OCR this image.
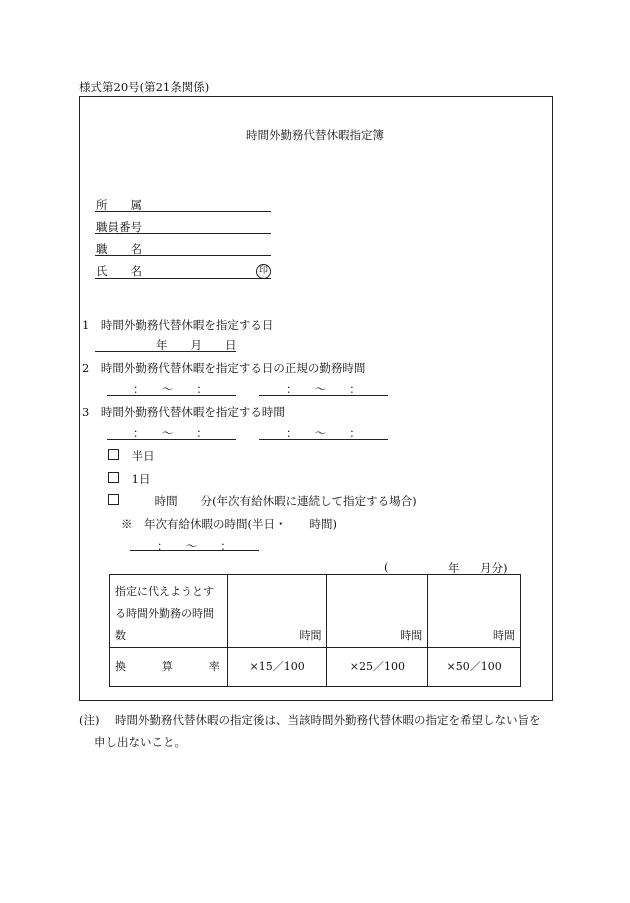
様式第20号(第21条関係)
時間外勤務代替休暇指定簿
所　　属
職員番号
職　　名
氏　　名	印
1　時間外勤務代替休暇を指定する日
年　　月　　日
2　時間外勤務代替休暇を指定する日の正規の勤務時間
：　　〜　　：	：　　〜　　：
3　時間外勤務代替休暇を指定する時間
：　　〜　　：	：　　〜　　：
半日
1日
　　時間　　分(年次有給休暇に連続して指定する場合)
※　年次有給休暇の時間(半日・　　時間)
：　　〜　　：
(	年 月分)
指定に代えようとする時間外勤務の時間数	時間	時間	時間

換 算 率	×15／100	×25／100	×50／100
(注) 時間外勤務代替休暇の指定後は、当該時間外勤務代替休暇の指定を希望しない旨を
申し出ないこと。
